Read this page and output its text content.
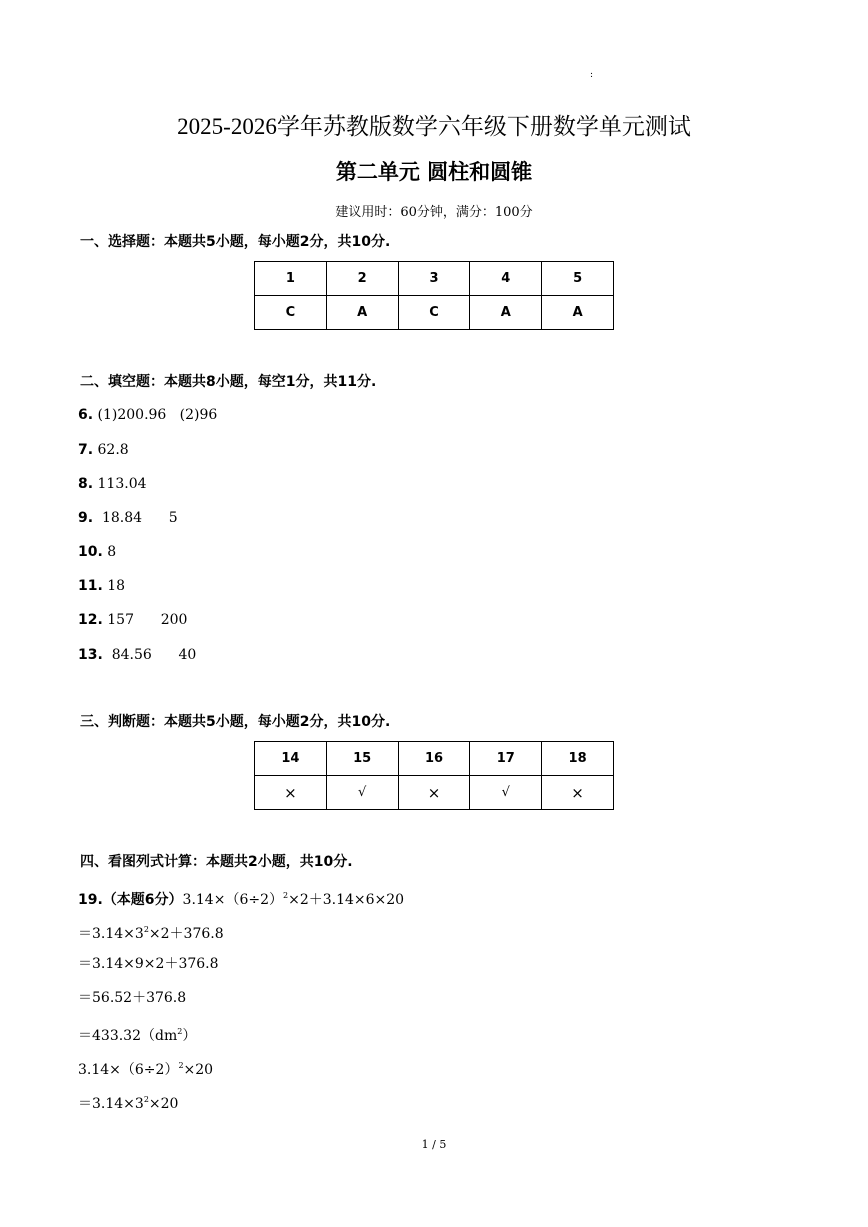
:
2025-2026学年苏教版数学六年级下册数学单元测试
第二单元 圆柱和圆锥
建议用时：60分钟，满分：100分
一、选择题：本题共5小题，每小题2分，共10分.
1	2	3	4	5
C	A	C	A	A
二、填空题：本题共8小题，每空1分，共11分.
6. (1)200.96   (2)96
7. 62.8
8. 113.04
9.  18.84      5
10. 8
11. 18
12. 157      200
13.  84.56      40
三、判断题：本题共5小题，每小题2分，共10分.
14	15	16	17	18
×	√	×	√	×
四、看图列式计算：本题共2小题，共10分.
19.（本题6分）$3.14\times(6\div 2)^2\times 2+3.14\times 6\times 20$
$=3.14\times 3^2\times 2+376.8$
＝3.14×9×2＋376.8
＝56.52＋376.8
$=433.32(dm^2)$
$3.14\times(6\div 2)^2\times 20$
$=3.14\times 3^2\times 20$
1 / 5
